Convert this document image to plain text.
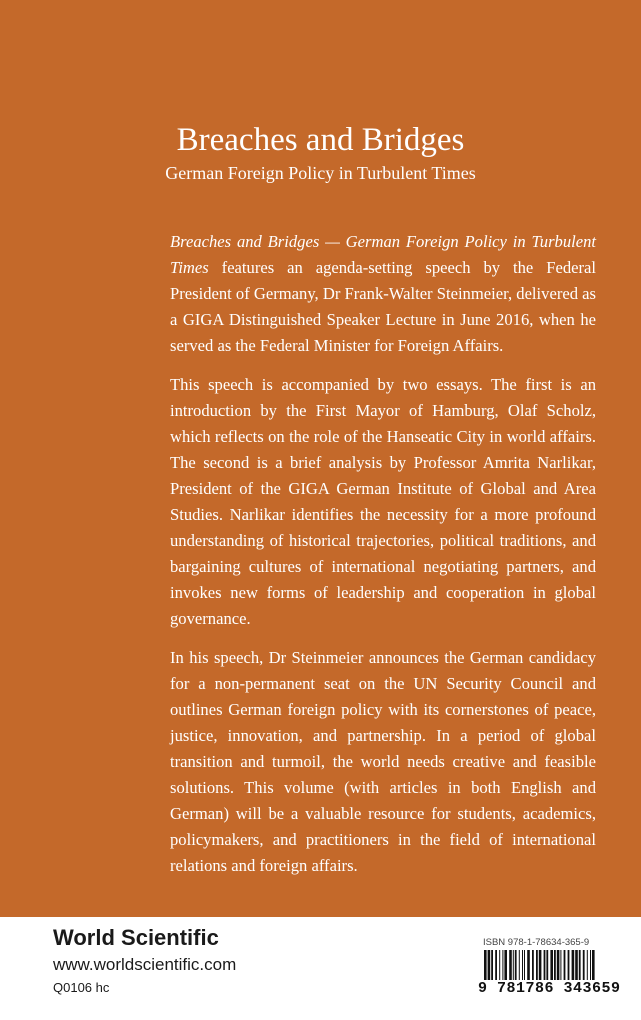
Breaches and Bridges
German Foreign Policy in Turbulent Times

Breaches and Bridges — German Foreign Policy in Turbulent Times features an agenda-setting speech by the Federal President of Germany, Dr Frank-Walter Steinmeier, delivered as a GIGA Distinguished Speaker Lecture in June 2016, when he served as the Federal Minister for Foreign Affairs.

This speech is accompanied by two essays. The first is an introduction by the First Mayor of Hamburg, Olaf Scholz, which reflects on the role of the Hanseatic City in world affairs. The second is a brief analysis by Professor Amrita Narlikar, President of the GIGA German Institute of Global and Area Studies. Narlikar identifies the necessity for a more profound understanding of historical trajectories, political traditions, and bargaining cultures of international negotiating partners, and invokes new forms of leadership and cooperation in global governance.

In his speech, Dr Steinmeier announces the German candidacy for a non-permanent seat on the UN Security Council and outlines German foreign policy with its cornerstones of peace, justice, innovation, and partnership. In a period of global transition and turmoil, the world needs creative and feasible solutions. This volume (with articles in both English and German) will be a valuable resource for students, academics, policymakers, and practitioners in the field of international relations and foreign affairs.

World Scientific
www.worldscientific.com
Q0106 hc
ISBN 978-1-78634-365-9
9 781786 343659
